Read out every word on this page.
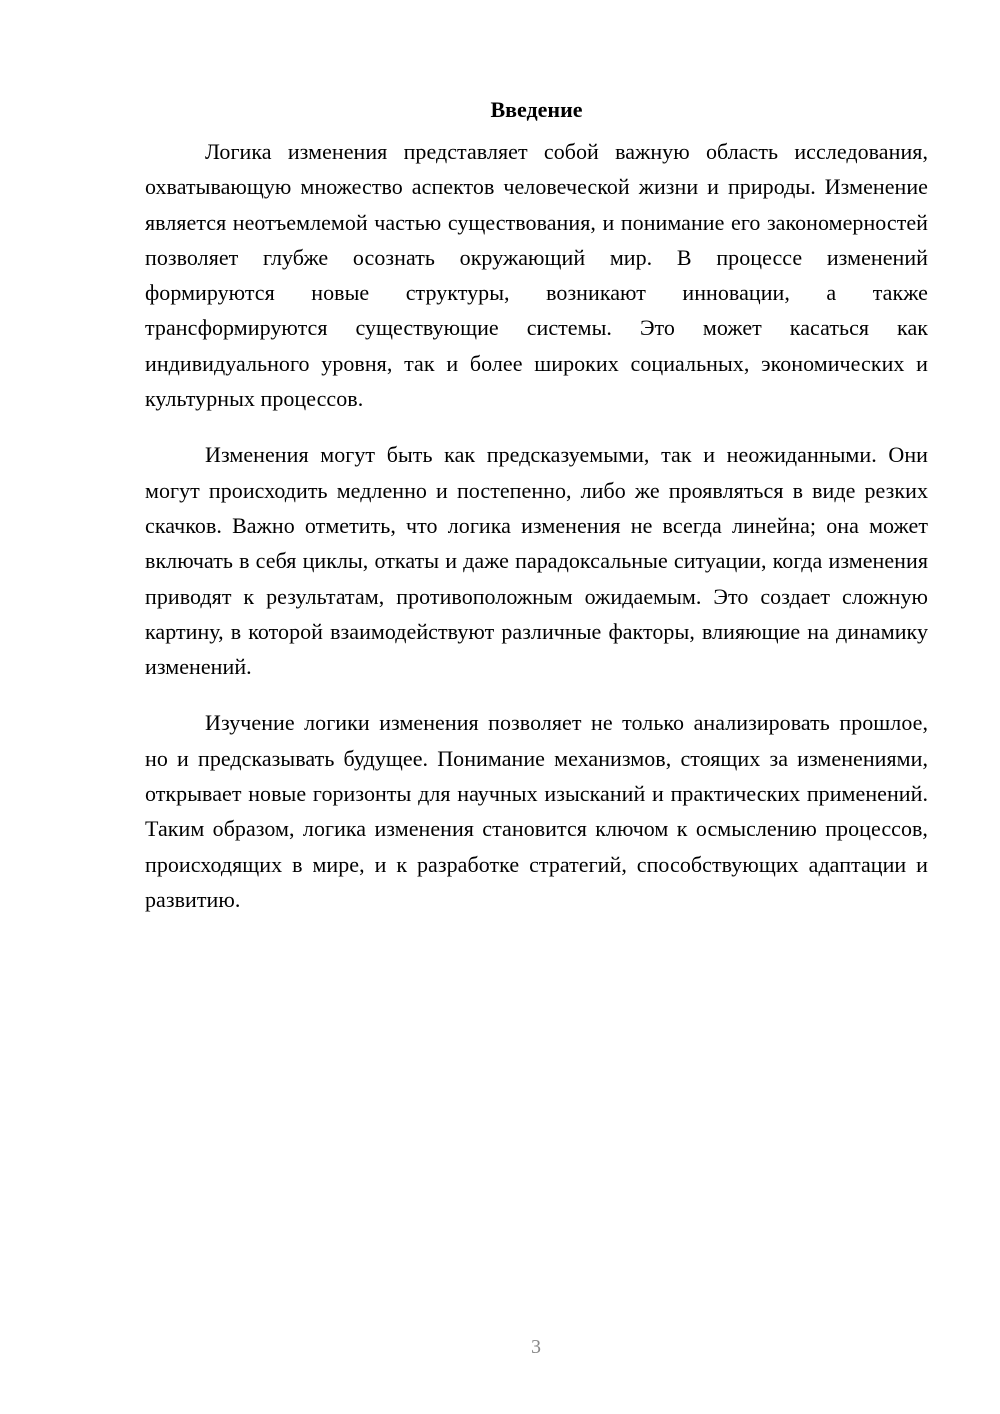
Введение

Логика изменения представляет собой важную область исследования, охватывающую множество аспектов человеческой жизни и природы. Изменение является неотъемлемой частью существования, и понимание его закономерностей позволяет глубже осознать окружающий мир. В процессе изменений формируются новые структуры, возникают инновации, а также трансформируются существующие системы. Это может касаться как индивидуального уровня, так и более широких социальных, экономических и культурных процессов.

Изменения могут быть как предсказуемыми, так и неожиданными. Они могут происходить медленно и постепенно, либо же проявляться в виде резких скачков. Важно отметить, что логика изменения не всегда линейна; она может включать в себя циклы, откаты и даже парадоксальные ситуации, когда изменения приводят к результатам, противоположным ожидаемым. Это создает сложную картину, в которой взаимодействуют различные факторы, влияющие на динамику изменений.

Изучение логики изменения позволяет не только анализировать прошлое, но и предсказывать будущее. Понимание механизмов, стоящих за изменениями, открывает новые горизонты для научных изысканий и практических применений. Таким образом, логика изменения становится ключом к осмыслению процессов, происходящих в мире, и к разработке стратегий, способствующих адаптации и развитию.

3
